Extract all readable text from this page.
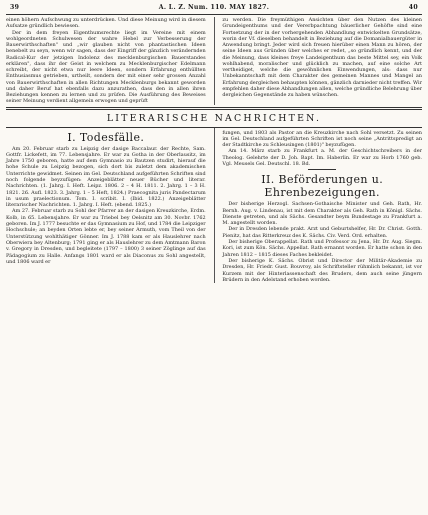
39	A. L. Z. Num. 110. MAY 1827.	40

einen höhern Aufschwung zu unterdrücken. Und diese Meinung wird in diesem Aufsatze gründlich bewiesen.

Der in dem freyen Eigenthumsrechte liegt im Vereine mit einem wohlgeordneten Schulwesen der wahre Hebel zur Verbesserung der Bauerwirthschaften" und „wir glauben nicht von phantastischen Ideen benebelt zu seyn, wenn wir sagen, dass der Eingriff der gänzlich verändernden Radical-Kur der jetzigen Indolenz des mecklenburgischen Bauerstandes erklären", dass ihr der Geist in welchem zu Mecklenburgischer Edelmann schreibt, der nicht etwa nur leere Ideen, sondern Erfahrung enthüllten Enthusiasmus getrieben, urtheilt, sondern der mit einer sehr grossen Anzahl von Bauerwirthschaften in allen Richtungen Mecklenburgs bekannt geworden und daher Beruf hat ebenfalls dazu anzurathen, dass den in allen ihren Beziehungen kennen zu lernen und zu prüfen. Die Ausführung des Beweises seiner Meinung verdient allgemein erwogen und geprüft

zu werden. Die freymüthigen Ansichten über den Nutzen des kleinen Grundeigenthums und der Vererbpachtung bäuerlicher Gehöfte sind eine Fortsetzung der in der vorhergehenden Abhandlung entwickelten Grundsätze, worin der Vf. dieselben behandelt in Beziehung auf die Domanialbauergüter in Anwendung bringt. Jeder wird sich freuen hierüber einen Mann zu hören, der seine Ideen aus Gründen über welches er redet, „so gründlich kennt, und der die Meinung, dass kleines freye Landeigenthum das beste Mittel sey, ein Volk wohlhabend, moralischer und glücklich zu machen, auf eine solche Art vertheidiget, welche die gewöhnlichen Einwendungen, als: dass nur Unbekanntschaft mit dem Charakter des gemeinen Mannes und Mangel an Erfahrung dergleichen behaupten können, gänzlich darnieder nicht treffen. Wir empfehlen daher diese Abhandlungen allen, welche gründliche Belehrung über dergleichen Gegenstände zu haben wünschen.

LITERARISCHE NACHRICHTEN.
I. Todesfälle.

Am 20. Februar starb zu Leipzig der dasige Baccalaur. der Rechte, Sam. Gottfr. Lickefett, im 77. Lebensjahre. Er war zu Gotha in der Oberlausitz, im Jahre 1750 geboren, hatte auf dem Gymnasio zu Bautzen studirt, hierauf die hohe Schule zu Leipzig bezogen, sich dort bis zuletzt dem akademischen Unterrichte gewidmet. Seinen im Gel. Deutschland aufgeführten Schriften sind noch folgende beyzufügen: Anzeigeblätter neuer Bücher und literar. Nachrichten. (1. Jahrg. I. Heft. Leipz. 1806. 2 – 4 H. 1811. 2. Jahrg. 1 – 3 H. 1821. 26. Aufl. 1823. 3. Jahrg. 1 – 5 Heft, 1824.) Praecognita juris Pandectarum in usum praelectionum. Tom. I. scribit. I. (Ibid. 1822.) Anzeigeblätter literarischer Nachrichten. 1. Jahrg. I. Heft. (ebend. 1825.)

Am 27. Februar starb zu Sohl der Pfarrer an der dasigen Kreuzkirche, Erdm. Kolb, in 65. Lebensjahre. Er war zu Triebel bey Oelsnitz am 30. Novbr. 1762 geboren. Im J. 1777 besuchte er das Gymnasium zu Hof, und 1784 die Leipziger Hochschule; an beyden Orten lebte er, bey seiner Armuth, vom Theil von der Unterstützung wohlthätiger Gönner. Im J. 1788 kam er als Hauslehrer nach Oberwiera bey Altenburg; 1791 ging er als Hauslehrer zu dem Amtmann Baron v. Gregory in Dresden, und begleitete (1797 – 1800) 3 seiner Zöglinge auf das Pädagogium zu Halle. Anfangs 1801 ward er als Diaconus zu Sohl angestellt, und 1806 ward er

fungen, und 1803 als Pastor an die Kreuzkirche nach Sohl versetzt. Zu seinen im Gel. Deutschland aufgeführten Schriften ist noch seine „Antrittspredigt an der Stadtkirche zu Schleusingen (1801)" beyzufügen.

Am 14. März starb zu Frankfurt a. M. der Geschichtschreibers in der Theolog. Gelehrte der D. Joh. Bapt. Im. Haberlin. Er war zu Horb 1760 geb. Vgl. Meusels Gel. Deutschl. 18. Bd.

II. Beförderungen u. Ehrenbezeigungen.

Der bisherige Herzogl. Sachsen-Gothaische Minister und Geh. Rath, Hr. Bernh. Aug. v. Lindenau, ist mit dem Charakter als Geh. Rath in Königl. Sächs. Dienste getreten, und als Sächs. Gesandter beym Bundestage zu Frankfurt a. M. angestellt worden.

Der in Dresden lebende prakt. Arzt und Geburtshelfer, Hr. Dr. Christ. Gotth. Pienitz, hat das Ritterkreuz des K. Sächs. Civ. Verd. Ord. erhalten.

Der bisherige Oberappellat. Rath und Professor zu Jena, Hr. Dr. Aug. Siegm. Kori, ist zum Kön. Sächs. Appellat. Rath ernannt worden. Er hatte schon in den Jahren 1812 – 1815 dieses Faches bekleidet.

Der bisherige K. Sächs. Obrist und Director der Militär-Akademie zu Dresden, Hr. Friedr. Gust. Bouvroy, als Schriftsteller rühmlich bekannt, ist vor Kurzem mit der Hinterlassenschaft des Bruders, dem auch seine jüngern Brüdern in den Adelstand erhoben worden.
